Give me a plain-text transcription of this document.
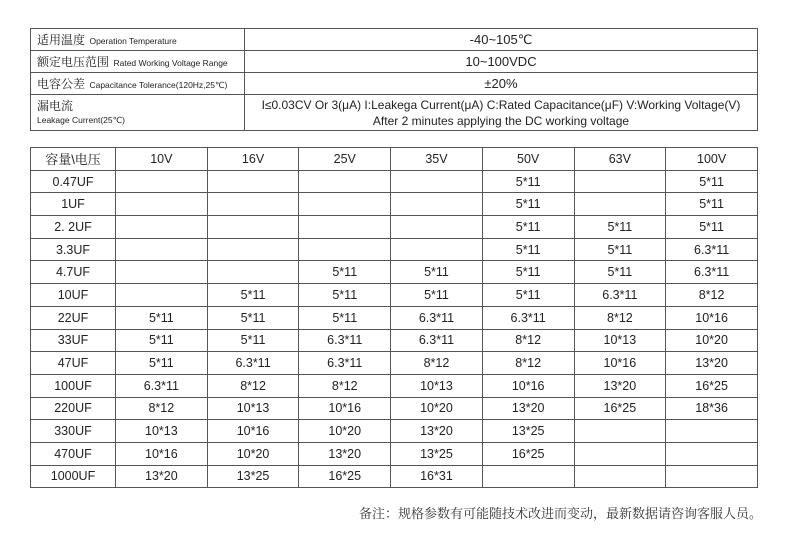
适用温度 Operation Temperature	-40~105℃
额定电压范围 Rated Working Voltage Range	10~100VDC
电容公差 Capacitance Tolerance(120Hz,25℃)	±20%

漏电流
Leakage Current(25℃)	I≤0.03CV Or 3(μA) I:Leakega Current(μA) C:Rated Capacitance(μF) V:Working Voltage(V)
After 2 minutes applying the DC working voltage
容量\电压	10V	16V	25V	35V	50V	63V	100V
0.47UF					5*11		5*11
1UF					5*11		5*11
2. 2UF					5*11	5*11	5*11
3.3UF					5*11	5*11	6.3*11
4.7UF			5*11	5*11	5*11	5*11	6.3*11
10UF		5*11	5*11	5*11	5*11	6.3*11	8*12
22UF	5*11	5*11	5*11	6.3*11	6.3*11	8*12	10*16
33UF	5*11	5*11	6.3*11	6.3*11	8*12	10*13	10*20
47UF	5*11	6.3*11	6.3*11	8*12	8*12	10*16	13*20
100UF	6.3*11	8*12	8*12	10*13	10*16	13*20	16*25
220UF	8*12	10*13	10*16	10*20	13*20	16*25	18*36
330UF	10*13	10*16	10*20	13*20	13*25		
470UF	10*16	10*20	13*20	13*25	16*25		
1000UF	13*20	13*25	16*25	16*31			
备注：规格参数有可能随技术改进而变动，最新数据请咨询客服人员。
